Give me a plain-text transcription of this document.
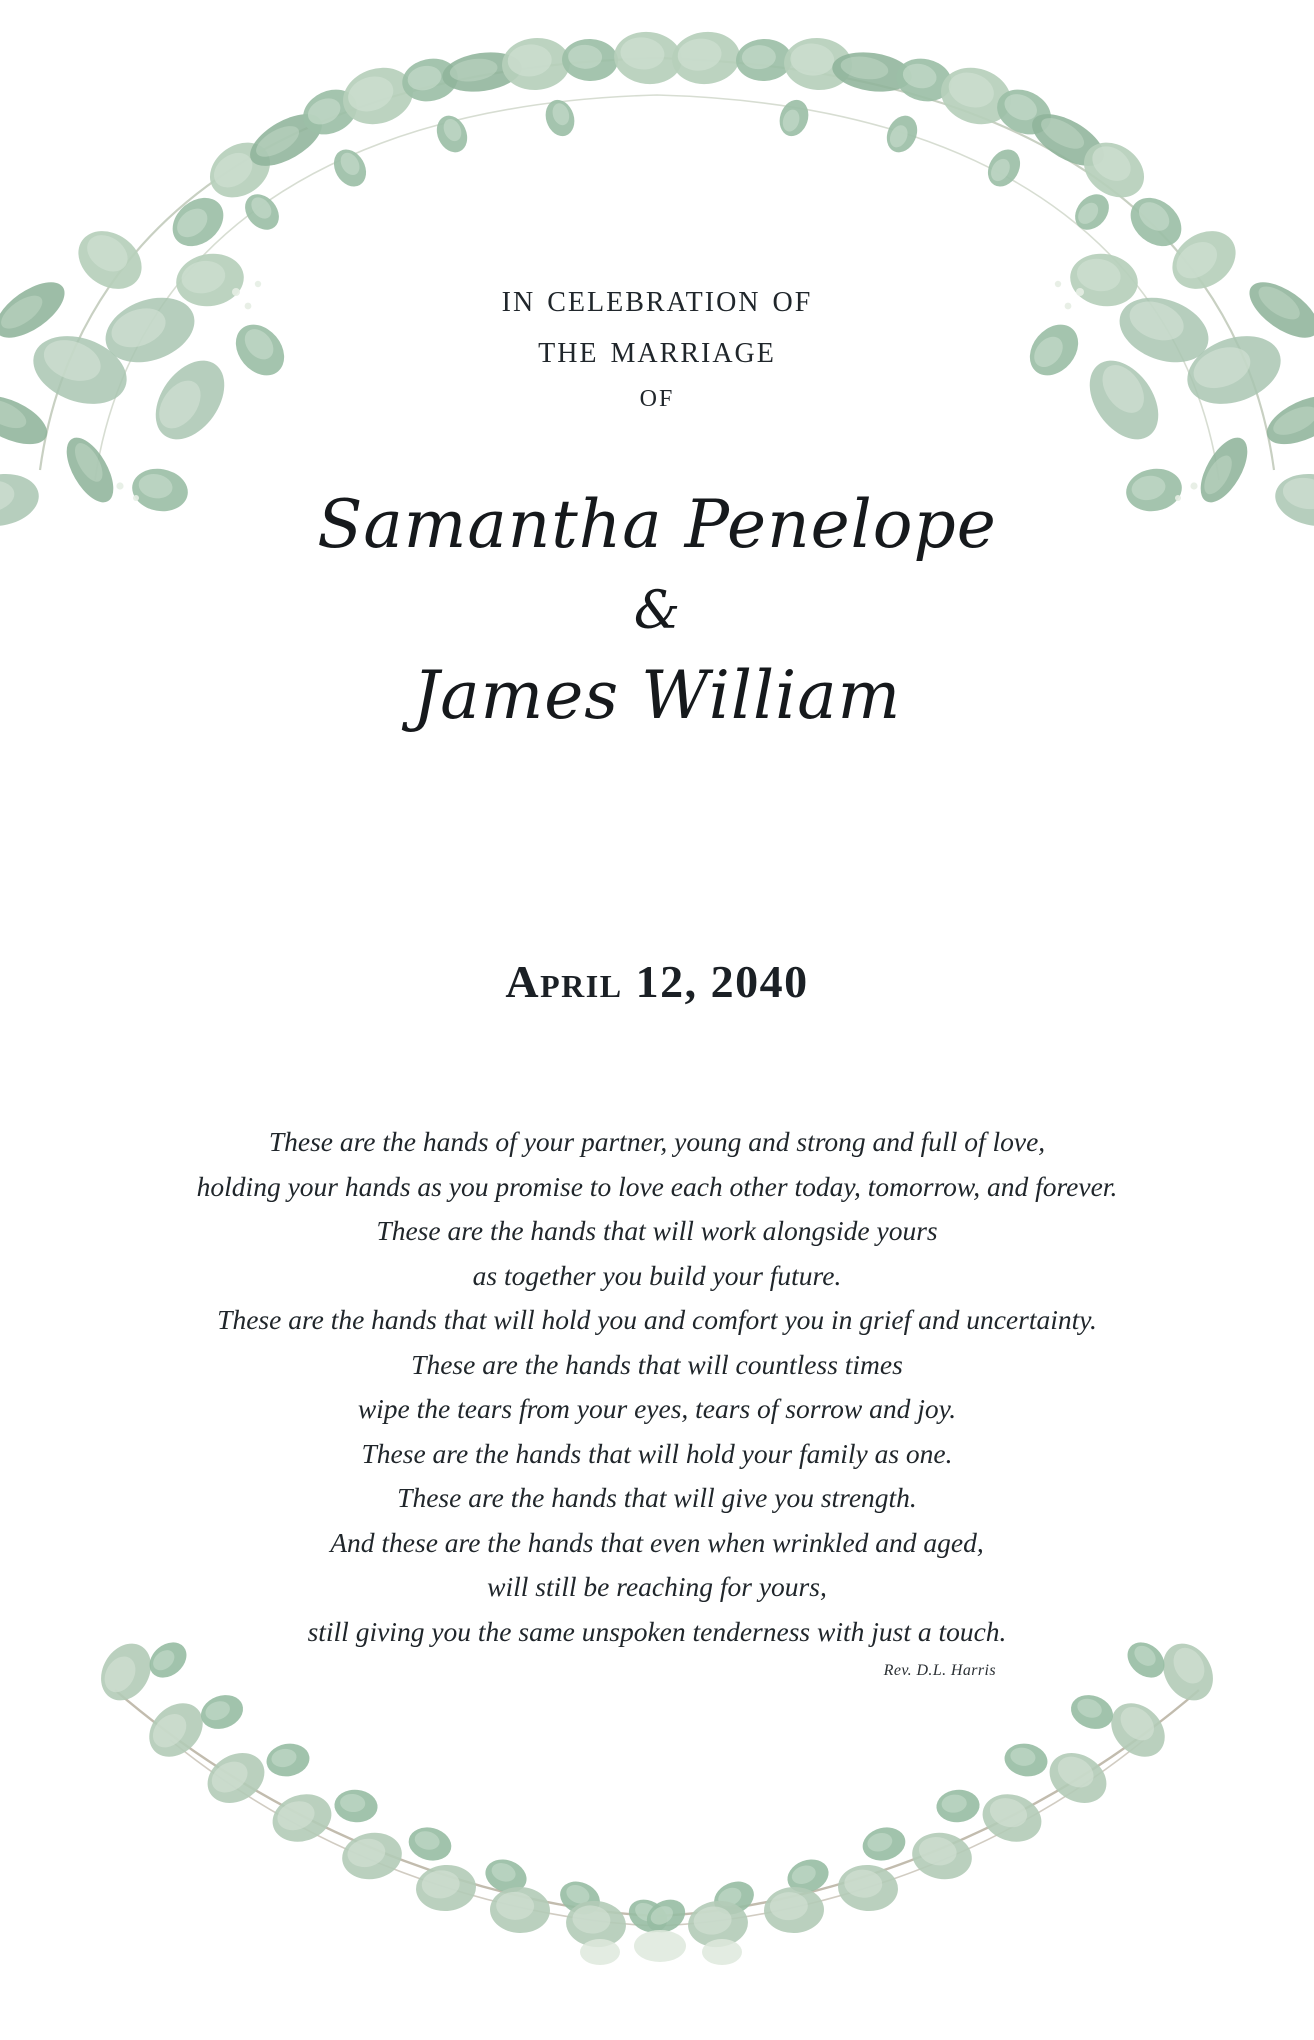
in celebration of
the marriage
of
Samantha Penelope
&
James William
April 12, 2040
These are the hands of your partner, young and strong and full of love,
holding your hands as you promise to love each other today, tomorrow, and forever.
These are the hands that will work alongside yours
as together you build your future.
These are the hands that will hold you and comfort you in grief and uncertainty.
These are the hands that will countless times
wipe the tears from your eyes, tears of sorrow and joy.
These are the hands that will hold your family as one.
These are the hands that will give you strength.
And these are the hands that even when wrinkled and aged,
will still be reaching for yours,
still giving you the same unspoken tenderness with just a touch.
Rev. D.L. Harris
